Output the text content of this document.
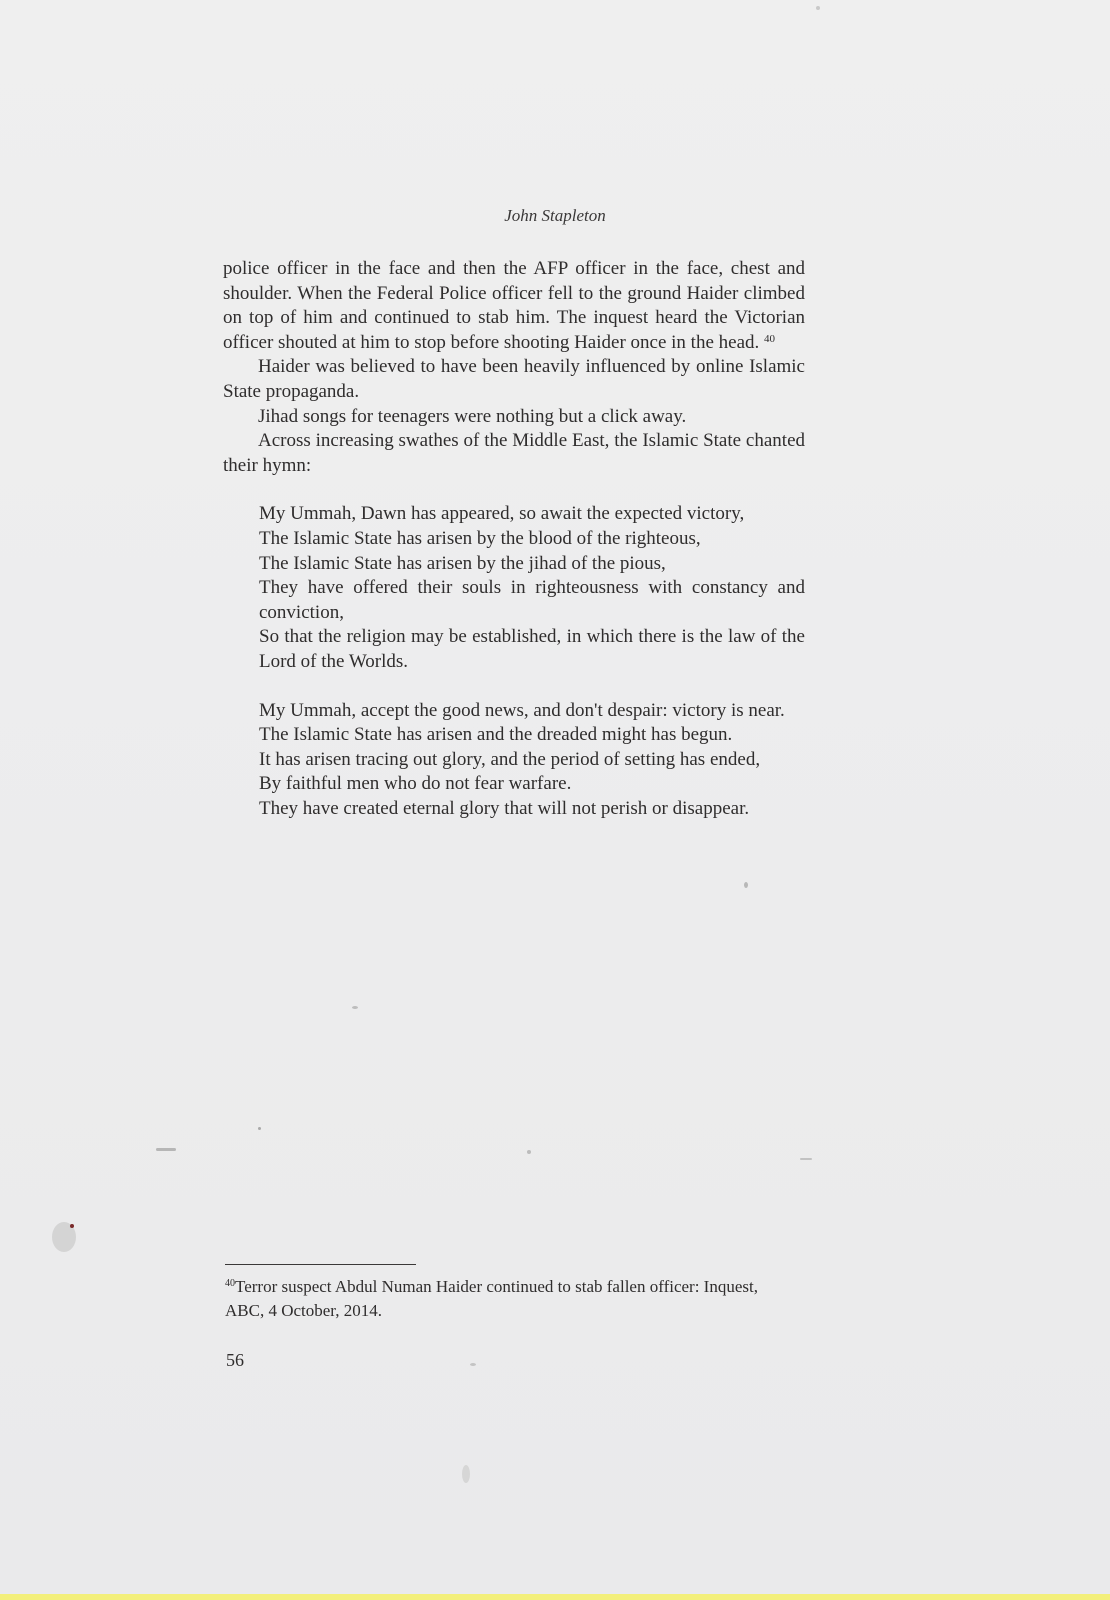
John Stapleton

police officer in the face and then the AFP officer in the face, chest and shoulder. When the Federal Police officer fell to the ground Haider climbed on top of him and continued to stab him. The inquest heard the Victorian officer shouted at him to stop before shooting Haider once in the head. $^{40}$

Haider was believed to have been heavily influenced by online Islamic State propaganda.

Jihad songs for teenagers were nothing but a click away.

Across increasing swathes of the Middle East, the Islamic State chanted their hymn:

My Ummah, Dawn has appeared, so await the expected victory,
The Islamic State has arisen by the blood of the righteous,
The Islamic State has arisen by the jihad of the pious,
They have offered their souls in righteousness with constancy and conviction,
So that the religion may be established, in which there is the law of the Lord of the Worlds.
My Ummah, accept the good news, and don't despair: victory is near.
The Islamic State has arisen and the dreaded might has begun.
It has arisen tracing out glory, and the period of setting has ended,
By faithful men who do not fear warfare.
They have created eternal glory that will not perish or disappear.
$^{40}$Terror suspect Abdul Numan Haider continued to stab fallen officer: Inquest, ABC, 4 October, 2014.
56
